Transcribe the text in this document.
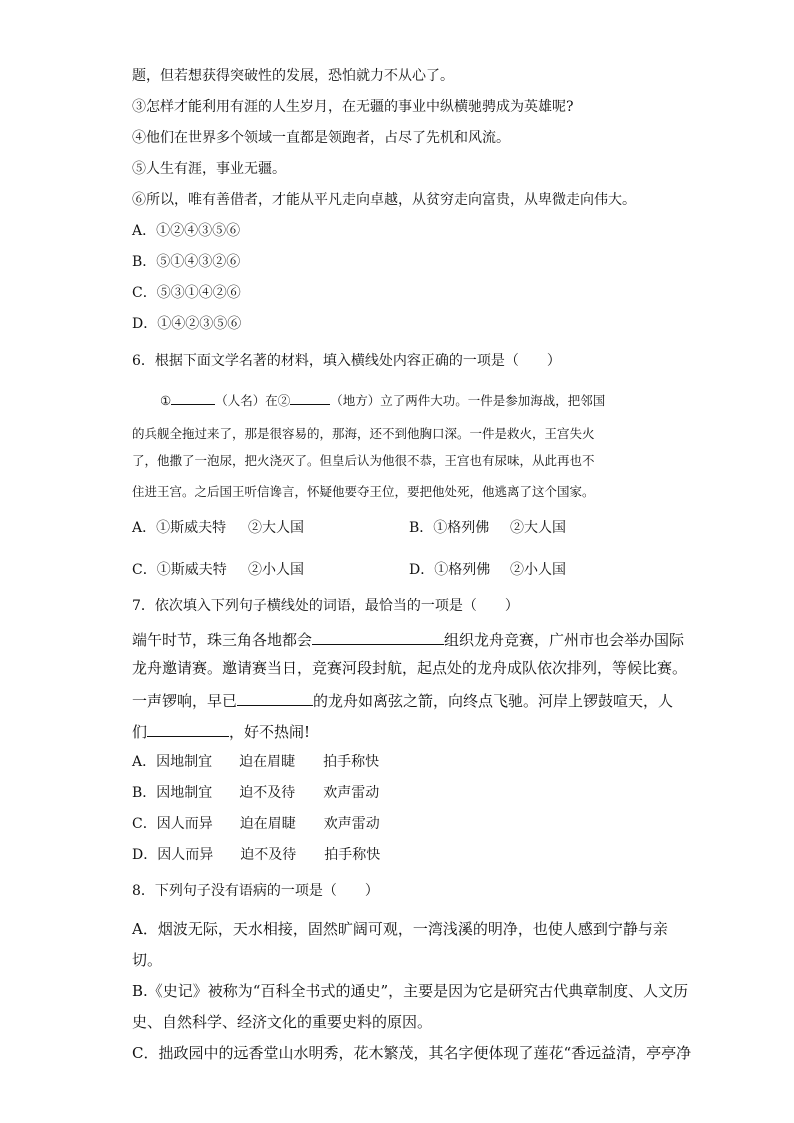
题，但若想获得突破性的发展，恐怕就力不从心了。
③怎样才能利用有涯的人生岁月，在无疆的事业中纵横驰骋成为英雄呢?
④他们在世界多个领域一直都是领跑者，占尽了先机和风流。
⑤人生有涯，事业无疆。
⑥所以，唯有善借者，才能从平凡走向卓越，从贫穷走向富贵，从卑微走向伟大。
A．①②④③⑤⑥
B．⑤①④③②⑥
C．⑤③①④②⑥
D．①④②③⑤⑥
6．根据下面文学名著的材料，填入横线处内容正确的一项是（　　）
①	（人名）在②	（地方）立了两件大功。一件是参加海战，把邻国
的兵舰全拖过来了，那是很容易的，那海，还不到他胸口深。一件是救火，王宫失火
了，他撒了一泡尿，把火浇灭了。但皇后认为他很不恭，王宫也有尿味，从此再也不
住进王宫。之后国王听信谗言，怀疑他要夺王位，要把他处死，他逃离了这个国家。
A．①斯威夫特 ②大人国	B．①格列佛 ②大人国
C．①斯威夫特 ②小人国	D．①格列佛 ②小人国
7．依次填入下列句子横线处的词语，最恰当的一项是（　　）
端午时节，珠三角各地都会	组织龙舟竞赛，广州市也会举办国际
龙舟邀请赛。邀请赛当日，竞赛河段封航，起点处的龙舟成队依次排列，等候比赛。
一声锣响，早已	的龙舟如离弦之箭，向终点飞驰。河岸上锣鼓喧天，人
们	，好不热闹!
A．因地制宜 迫在眉睫 拍手称快
B．因地制宜 迫不及待 欢声雷动
C．因人而异 迫在眉睫 欢声雷动
D．因人而异 迫不及待 拍手称快
8．下列句子没有语病的一项是（　　）
A．烟波无际，天水相接，固然旷阔可观，一湾浅溪的明净，也使人感到宁静与亲
切。
B.《史记》被称为“百科全书式的通史”，主要是因为它是研究古代典章制度、人文历
史、自然科学、经济文化的重要史料的原因。
C．拙政园中的远香堂山水明秀，花木繁茂，其名字便体现了莲花“香远益清，亭亭净
